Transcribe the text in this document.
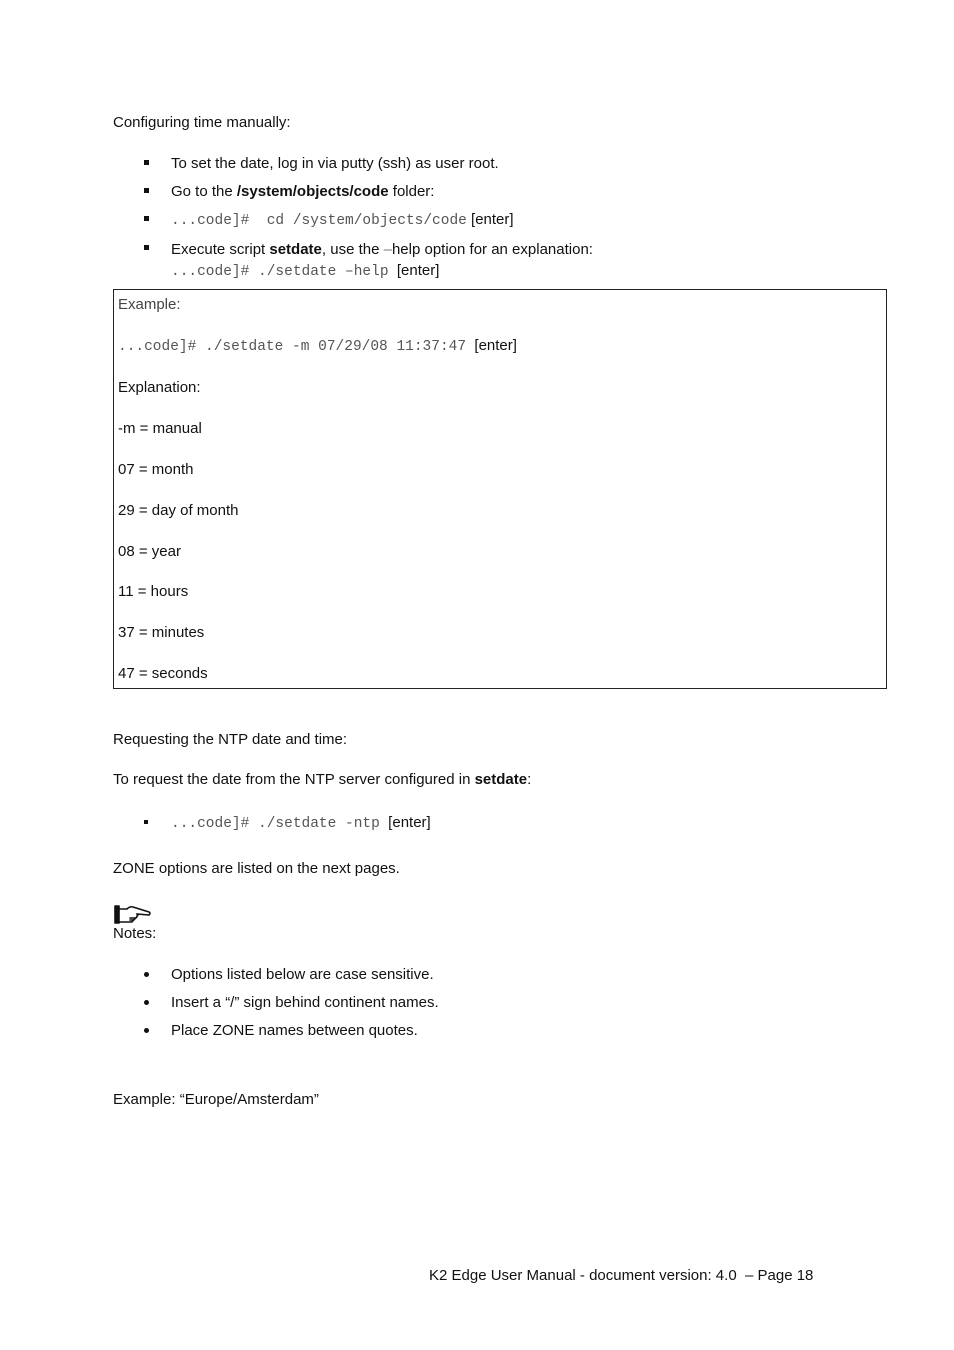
Configuring time manually:
To set the date, log in via putty (ssh) as user root.
Go to the /system/objects/code folder:
...code]#  cd /system/objects/code [enter]
Execute script setdate, use the –help option for an explanation:
...code]# ./setdate –help  [enter]
Example:
...code]# ./setdate -m 07/29/08 11:37:47  [enter]
Explanation:
-m = manual
07 = month
29 = day of month
08 = year
11 = hours
37 = minutes
47 = seconds
Requesting the NTP date and time:
To request the date from the NTP server configured in setdate:
...code]# ./setdate -ntp  [enter]
ZONE options are listed on the next pages.
Notes:
Options listed below are case sensitive.
Insert a “/” sign behind continent names.
Place ZONE names between quotes.
Example: “Europe/Amsterdam”
K2 Edge User Manual - document version: 4.0  – Page 18
